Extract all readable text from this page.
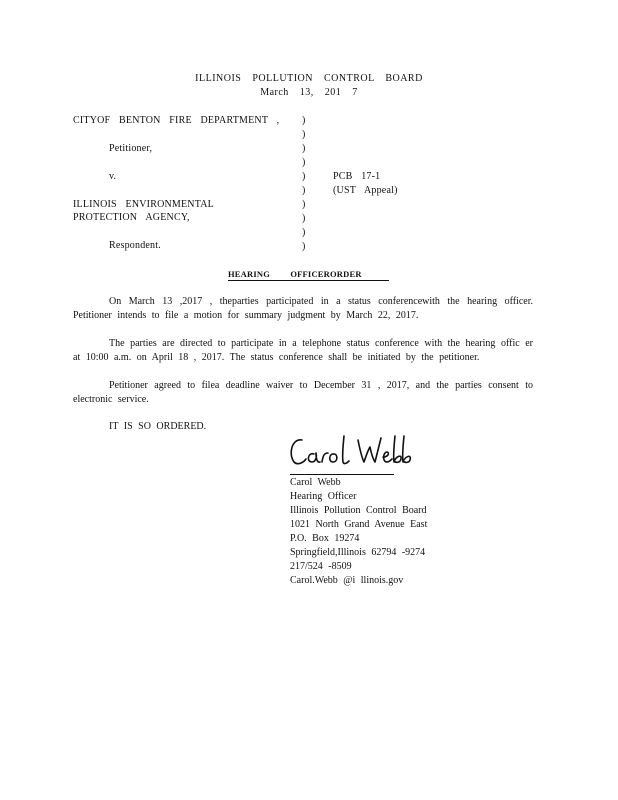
ILLINOIS POLLUTION CONTROL BOARD
March 13, 201 7
CITYOF BENTON FIRE DEPARTMENT ,
Petitioner,
v.
ILLINOIS ENVIRONMENTAL
PROTECTION AGENCY,
Respondent.
)
)
)
)
)
)
)
)
)
)
PCB 17-1
(UST Appeal)
HEARING OFFICERORDER
On March 13 ,2017 , theparties participated in a status conferencewith the hearing officer. Petitioner intends to file a motion for summary judgment by March 22, 2017.
The parties are directed to participate in a telephone status conference with the hearing offic er at 10:00 a.m. on April 18 , 2017. The status conference shall be initiated by the petitioner.
Petitioner agreed to filea deadline waiver to December 31 , 2017, and the parties consent to electronic service.
IT IS SO ORDERED.
Carol Webb
Hearing Officer
Illinois Pollution Control Board
1021 North Grand Avenue East
P.O. Box 19274
Springfield,Illinois 62794 -9274
217/524 -8509
Carol.Webb @i llinois.gov
